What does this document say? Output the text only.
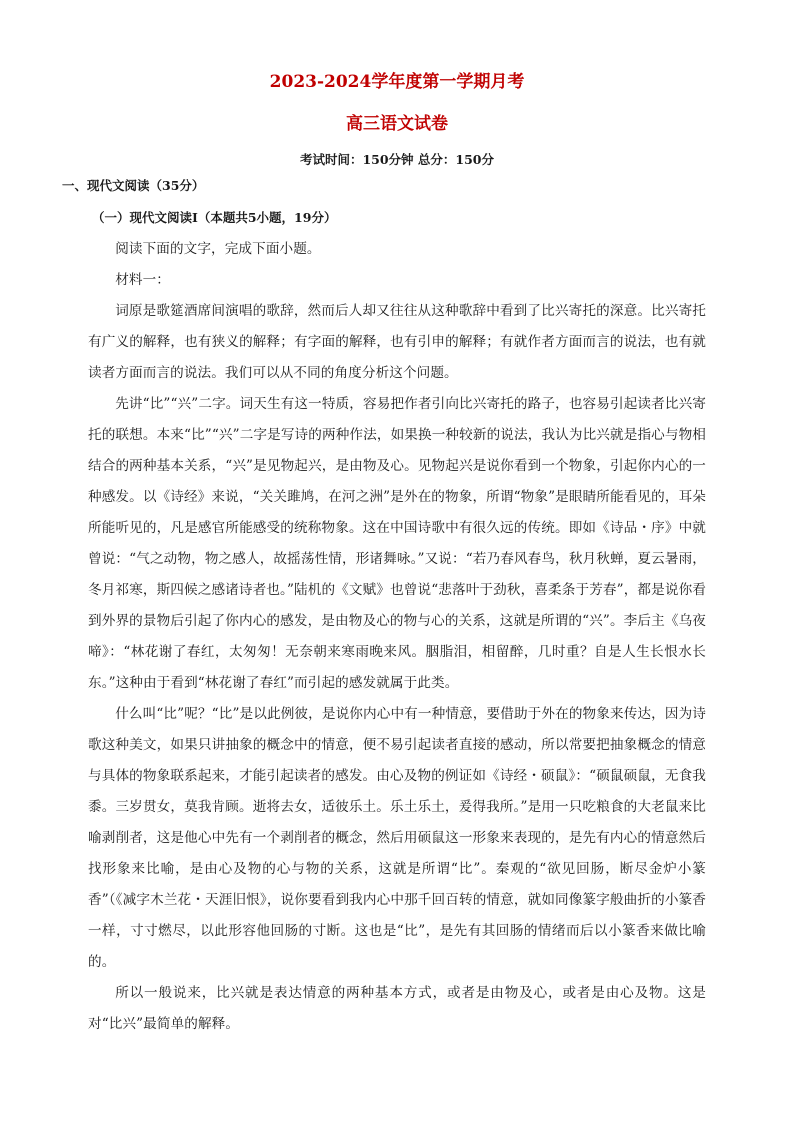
2023-2024学年度第一学期月考
高三语文试卷
考试时间：150分钟 总分：150分
一、现代文阅读（35分）
（一）现代文阅读Ⅰ（本题共5小题，19分）

阅读下面的文字，完成下面小题。

材料一：

词原是歌筵酒席间演唱的歌辞，然而后人却又往往从这种歌辞中看到了比兴寄托的深意。比兴寄托有广义的解释，也有狭义的解释；有字面的解释，也有引申的解释；有就作者方面而言的说法，也有就读者方面而言的说法。我们可以从不同的角度分析这个问题。

先讲“比”“兴”二字。词天生有这一特质，容易把作者引向比兴寄托的路子，也容易引起读者比兴寄托的联想。本来“比”“兴”二字是写诗的两种作法，如果换一种较新的说法，我认为比兴就是指心与物相结合的两种基本关系，“兴”是见物起兴，是由物及心。见物起兴是说你看到一个物象，引起你内心的一种感发。以《诗经》来说，“关关雎鸠，在河之洲”是外在的物象，所谓“物象”是眼睛所能看见的，耳朵所能听见的，凡是感官所能感受的统称物象。这在中国诗歌中有很久远的传统。即如《诗品・序》中就曾说：“气之动物，物之感人，故摇荡性情，形诸舞咏。”又说：“若乃春风春鸟，秋月秋蝉，夏云暑雨，冬月祁寒，斯四候之感诸诗者也。”陆机的《文赋》也曾说“悲落叶于劲秋，喜柔条于芳春”，都是说你看到外界的景物后引起了你内心的感发，是由物及心的物与心的关系，这就是所谓的“兴”。李后主《乌夜啼》：“林花谢了春红，太匆匆！无奈朝来寒雨晚来风。胭脂泪，相留醉，几时重？自是人生长恨水长东。”这种由于看到“林花谢了春红”而引起的感发就属于此类。

什么叫“比”呢？“比”是以此例彼，是说你内心中有一种情意，要借助于外在的物象来传达，因为诗歌这种美文，如果只讲抽象的概念中的情意，便不易引起读者直接的感动，所以常要把抽象概念的情意与具体的物象联系起来，才能引起读者的感发。由心及物的例证如《诗经・硕鼠》：“硕鼠硕鼠，无食我黍。三岁贯女，莫我肯顾。逝将去女，适彼乐土。乐土乐土，爰得我所。”是用一只吃粮食的大老鼠来比喻剥削者，这是他心中先有一个剥削者的概念，然后用硕鼠这一形象来表现的，是先有内心的情意然后找形象来比喻，是由心及物的心与物的关系，这就是所谓“比”。秦观的“欲见回肠，断尽金炉小篆香”（《减字木兰花・天涯旧恨》，说你要看到我内心中那千回百转的情意，就如同像篆字般曲折的小篆香一样，寸寸燃尽，以此形容他回肠的寸断。这也是“比”，是先有其回肠的情绪而后以小篆香来做比喻的。

所以一般说来，比兴就是表达情意的两种基本方式，或者是由物及心，或者是由心及物。这是对“比兴”最简单的解释。
